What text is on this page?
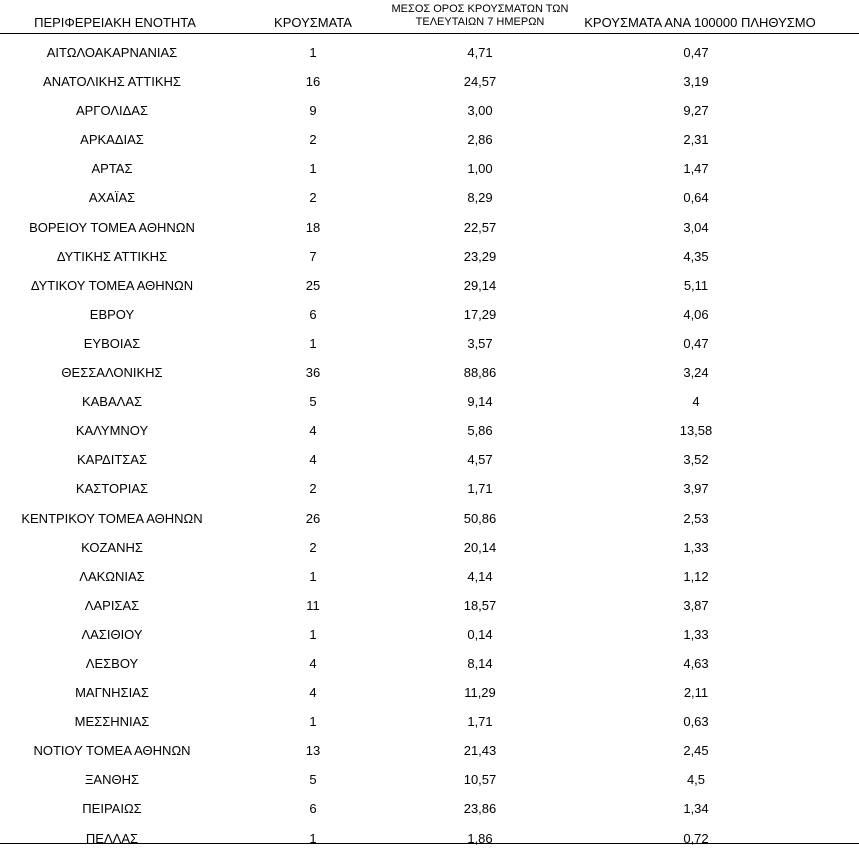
ΠΕΡΙΦΕΡΕΙΑΚΗ ΕΝΟΤΗΤΑ	ΚΡΟΥΣΜΑΤΑ
ΜΕΣΟΣ ΟΡΟΣ ΚΡΟΥΣΜΑΤΩΝ ΤΩΝ
ΤΕΛΕΥΤΑΙΩΝ 7 ΗΜΕΡΩΝ	ΚΡΟΥΣΜΑΤΑ ΑΝΑ 100000 ΠΛΗΘΥΣΜΟ
ΑΙΤΩΛΟΑΚΑΡΝΑΝΙΑΣ	1	4,71	0,47
ΑΝΑΤΟΛΙΚΗΣ ΑΤΤΙΚΗΣ	16	24,57	3,19
ΑΡΓΟΛΙΔΑΣ	9	3,00	9,27
ΑΡΚΑΔΙΑΣ	2	2,86	2,31
ΑΡΤΑΣ	1	1,00	1,47
ΑΧΑΪΑΣ	2	8,29	0,64
ΒΟΡΕΙΟΥ ΤΟΜΕΑ ΑΘΗΝΩΝ	18	22,57	3,04
ΔΥΤΙΚΗΣ ΑΤΤΙΚΗΣ	7	23,29	4,35
ΔΥΤΙΚΟΥ ΤΟΜΕΑ ΑΘΗΝΩΝ	25	29,14	5,11
ΕΒΡΟΥ	6	17,29	4,06
ΕΥΒΟΙΑΣ	1	3,57	0,47
ΘΕΣΣΑΛΟΝΙΚΗΣ	36	88,86	3,24
ΚΑΒΑΛΑΣ	5	9,14	4
ΚΑΛΥΜΝΟΥ	4	5,86	13,58
ΚΑΡΔΙΤΣΑΣ	4	4,57	3,52
ΚΑΣΤΟΡΙΑΣ	2	1,71	3,97
ΚΕΝΤΡΙΚΟΥ ΤΟΜΕΑ ΑΘΗΝΩΝ	26	50,86	2,53
ΚΟΖΑΝΗΣ	2	20,14	1,33
ΛΑΚΩΝΙΑΣ	1	4,14	1,12
ΛΑΡΙΣΑΣ	11	18,57	3,87
ΛΑΣΙΘΙΟΥ	1	0,14	1,33
ΛΕΣΒΟΥ	4	8,14	4,63
ΜΑΓΝΗΣΙΑΣ	4	11,29	2,11
ΜΕΣΣΗΝΙΑΣ	1	1,71	0,63
ΝΟΤΙΟΥ ΤΟΜΕΑ ΑΘΗΝΩΝ	13	21,43	2,45
ΞΑΝΘΗΣ	5	10,57	4,5
ΠΕΙΡΑΙΩΣ	6	23,86	1,34
ΠΕΛΛΑΣ	1	1,86	0,72
